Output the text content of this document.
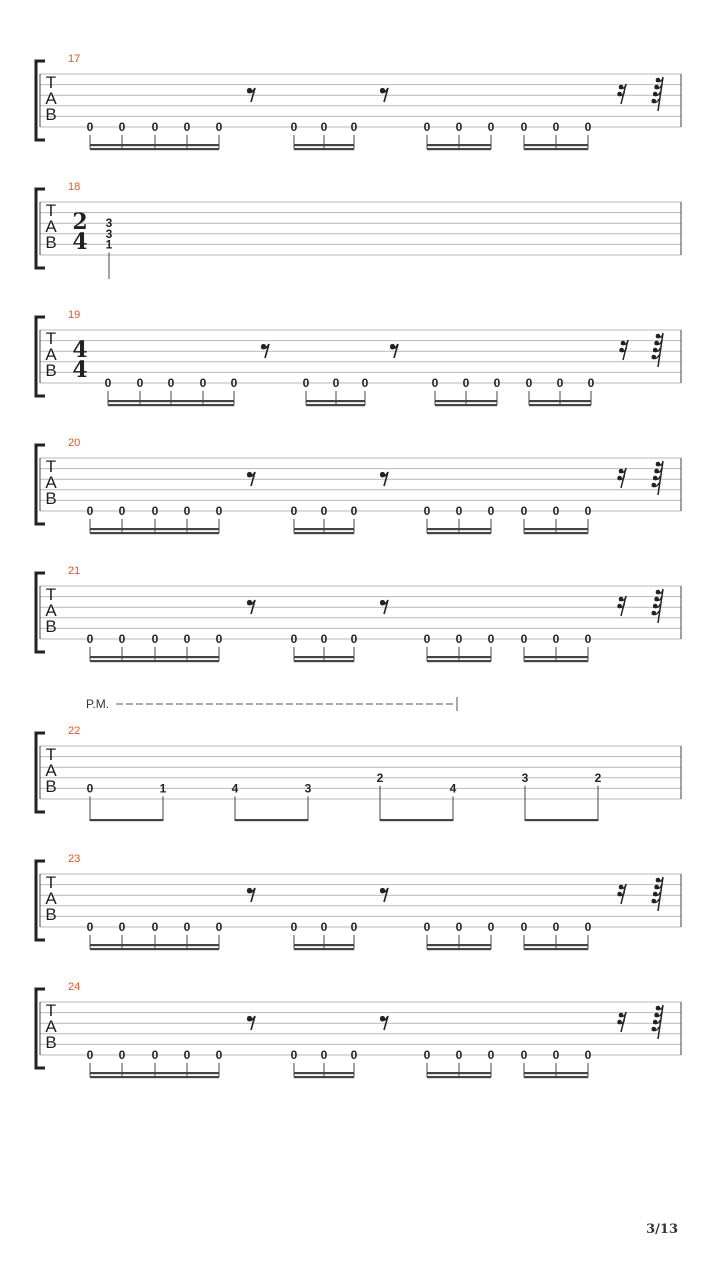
17
T
A
B
0 0 0 0 0	0 0 0	0 0 0 0 0 0
18
T
A
B
2
4
3
3
1
19
T
A
B
4
4 0 0 0 0 0	0 0 0	0 0 0 0 0 0
20
T
A
B
0 0 0 0 0	0 0 0	0 0 0 0 0 0
21
T
A
B
0 0 0 0 0	0 0 0	0 0 0 0 0 0
22
T
A
B
P.M.
0	1	4	3
2
4
3	2
23
T
A
B
0 0 0 0 0	0 0 0	0 0 0 0 0 0
24
T
A
B
0 0 0 0 0	0 0 0	0 0 0 0 0 0
3/13
